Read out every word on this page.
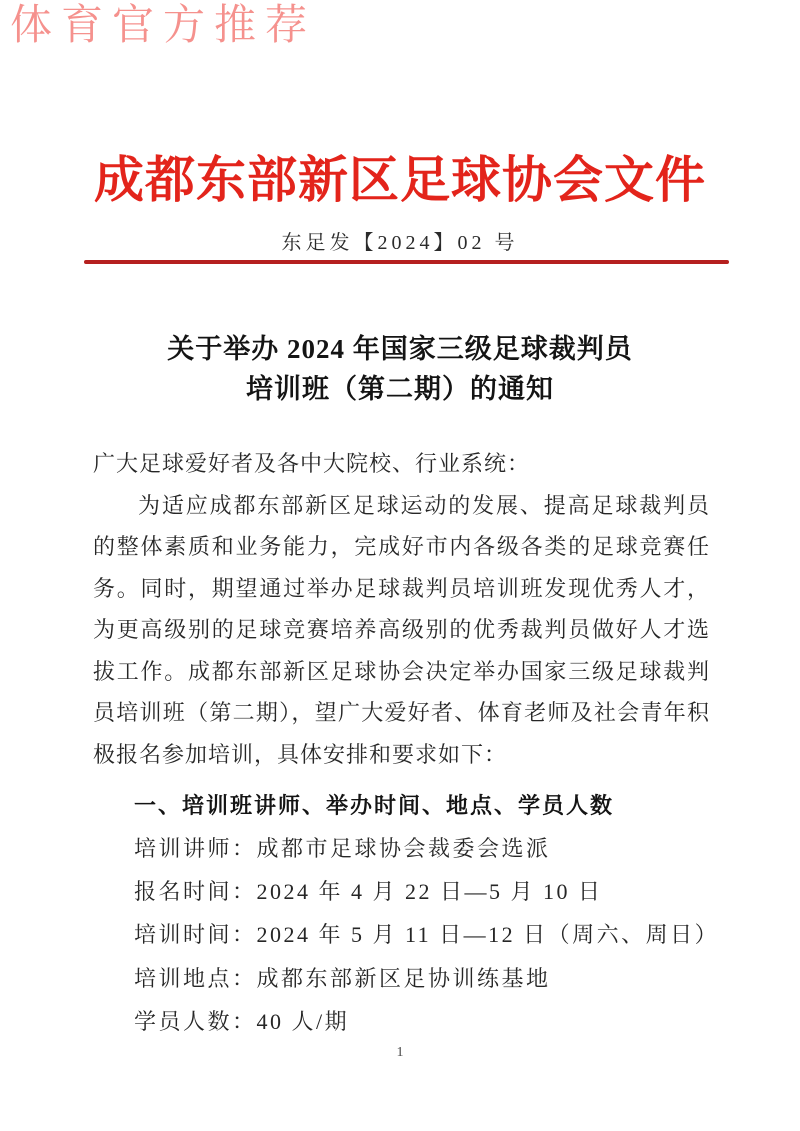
体育官方推荐
成都东部新区足球协会文件
东足发【2024】02 号
关于举办 2024 年国家三级足球裁判员
培训班（第二期）的通知
广大足球爱好者及各中大院校、行业系统：
为适应成都东部新区足球运动的发展、提高足球裁判员
的整体素质和业务能力，完成好市内各级各类的足球竞赛任
务。同时，期望通过举办足球裁判员培训班发现优秀人才，
为更高级别的足球竞赛培养高级别的优秀裁判员做好人才选
拔工作。成都东部新区足球协会决定举办国家三级足球裁判
员培训班（第二期），望广大爱好者、体育老师及社会青年积
极报名参加培训，具体安排和要求如下：
一、培训班讲师、举办时间、地点、学员人数
培训讲师：成都市足球协会裁委会选派
报名时间：2024 年 4 月 22 日—5 月 10 日
培训时间：2024 年 5 月 11 日—12 日（周六、周日）
培训地点：成都东部新区足协训练基地
学员人数：40 人/期
1
